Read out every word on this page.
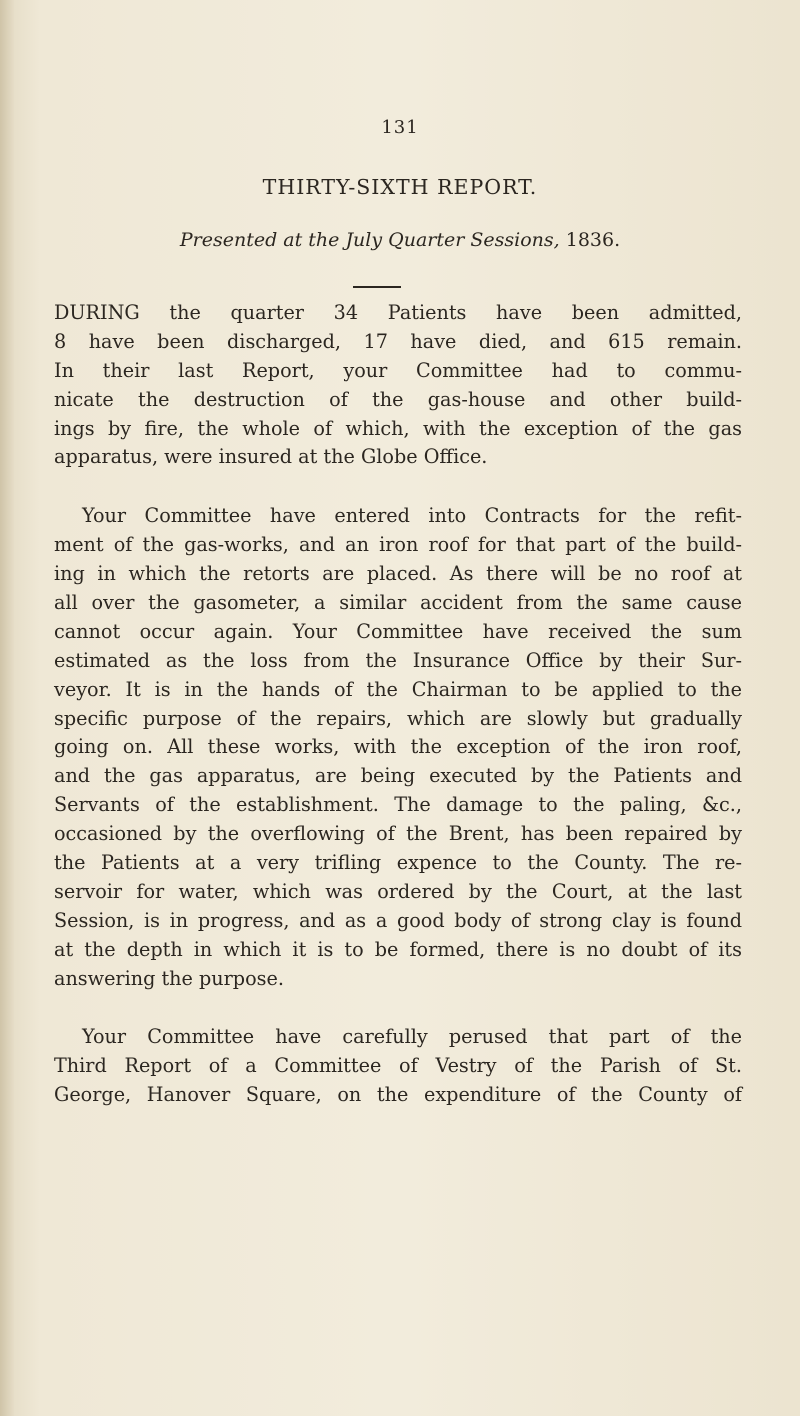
131
THIRTY-SIXTH REPORT.
Presented at the July Quarter Sessions, 1836.
DURING the quarter 34 Patients have been admitted,
8 have been discharged, 17 have died, and 615 remain.
In their last Report, your Committee had to commu-
nicate the destruction of the gas-house and other build-
ings by fire, the whole of which, with the exception of the gas
apparatus, were insured at the Globe Office.
Your Committee have entered into Contracts for the refit-
ment of the gas-works, and an iron roof for that part of the build-
ing in which the retorts are placed. As there will be no roof at
all over the gasometer, a similar accident from the same cause
cannot occur again. Your Committee have received the sum
estimated as the loss from the Insurance Office by their Sur-
veyor. It is in the hands of the Chairman to be applied to the
specific purpose of the repairs, which are slowly but gradually
going on. All these works, with the exception of the iron roof,
and the gas apparatus, are being executed by the Patients and
Servants of the establishment. The damage to the paling, &c.,
occasioned by the overflowing of the Brent, has been repaired by
the Patients at a very trifling expence to the County. The re-
servoir for water, which was ordered by the Court, at the last
Session, is in progress, and as a good body of strong clay is found
at the depth in which it is to be formed, there is no doubt of its
answering the purpose.
Your Committee have carefully perused that part of the
Third Report of a Committee of Vestry of the Parish of St.
George, Hanover Square, on the expenditure of the County of
